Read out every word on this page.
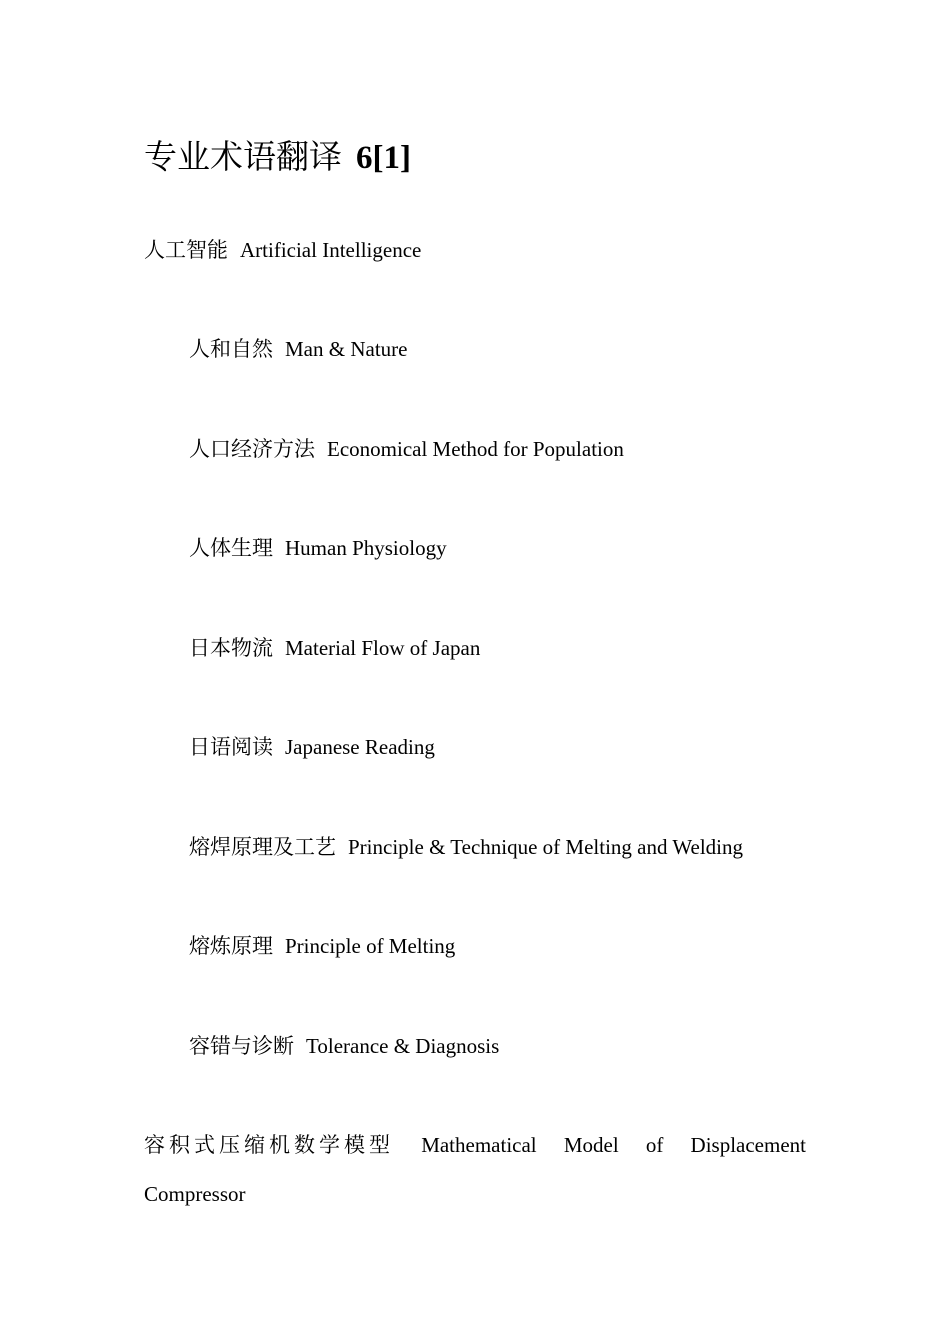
专业术语翻译 6[1]
人工智能 Artificial Intelligence
人和自然 Man & Nature
人口经济方法 Economical Method for Population
人体生理 Human Physiology
日本物流 Material Flow of Japan
日语阅读 Japanese Reading
熔焊原理及工艺 Principle & Technique of Melting and Welding
熔炼原理 Principle of Melting
容错与诊断 Tolerance & Diagnosis
容积式压缩机数学模型 Mathematical Model of Displacement
Compressor
